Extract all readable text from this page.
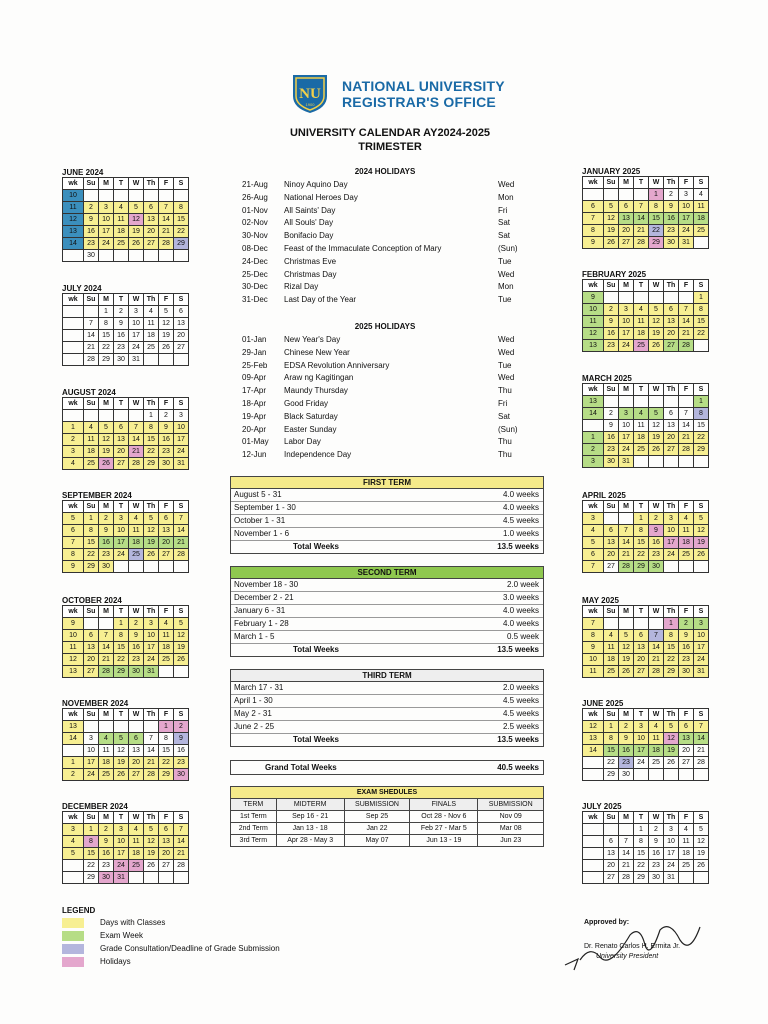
NU
1900
NATIONAL UNIVERSITY
REGISTRAR'S OFFICE
UNIVERSITY CALENDAR AY2024-2025
TRIMESTER
JUNE 2024
wk	Su	M	T	W	Th	F	S
10							
11	2	3	4	5	6	7	8
12	9	10	11	12	13	14	15
13	16	17	18	19	20	21	22
14	23	24	25	26	27	28	29
	30						
JULY 2024
wk	Su	M	T	W	Th	F	S
		1	2	3	4	5	6
	7	8	9	10	11	12	13
	14	15	16	17	18	19	20
	21	22	23	24	25	26	27
	28	29	30	31			
AUGUST 2024
wk	Su	M	T	W	Th	F	S
					1	2	3
1	4	5	6	7	8	9	10
2	11	12	13	14	15	16	17
3	18	19	20	21	22	23	24
4	25	26	27	28	29	30	31
SEPTEMBER 2024
wk	Su	M	T	W	Th	F	S
5	1	2	3	4	5	6	7
6	8	9	10	11	12	13	14
7	15	16	17	18	19	20	21
8	22	23	24	25	26	27	28
9	29	30					
OCTOBER 2024
wk	Su	M	T	W	Th	F	S
9			1	2	3	4	5
10	6	7	8	9	10	11	12
11	13	14	15	16	17	18	19
12	20	21	22	23	24	25	26
13	27	28	29	30	31		
NOVEMBER 2024
wk	Su	M	T	W	Th	F	S
13						1	2
14	3	4	5	6	7	8	9
	10	11	12	13	14	15	16
1	17	18	19	20	21	22	23
2	24	25	26	27	28	29	30
DECEMBER 2024
wk	Su	M	T	W	Th	F	S
3	1	2	3	4	5	6	7
4	8	9	10	11	12	13	14
5	15	16	17	18	19	20	21
	22	23	24	25	26	27	28
	29	30	31				
JANUARY 2025
wk	Su	M	T	W	Th	F	S
				1	2	3	4
6	5	6	7	8	9	10	11
7	12	13	14	15	16	17	18
8	19	20	21	22	23	24	25
9	26	27	28	29	30	31	
FEBRUARY 2025
wk	Su	M	T	W	Th	F	S
9							1
10	2	3	4	5	6	7	8
11	9	10	11	12	13	14	15
12	16	17	18	19	20	21	22
13	23	24	25	26	27	28	
MARCH 2025
wk	Su	M	T	W	Th	F	S
13							1
14	2	3	4	5	6	7	8
	9	10	11	12	13	14	15
1	16	17	18	19	20	21	22
2	23	24	25	26	27	28	29
3	30	31					
APRIL 2025
wk	Su	M	T	W	Th	F	S
3			1	2	3	4	5
4	6	7	8	9	10	11	12
5	13	14	15	16	17	18	19
6	20	21	22	23	24	25	26
7	27	28	29	30			
MAY 2025
wk	Su	M	T	W	Th	F	S
7					1	2	3
8	4	5	6	7	8	9	10
9	11	12	13	14	15	16	17
10	18	19	20	21	22	23	24
11	25	26	27	28	29	30	31
JUNE 2025
wk	Su	M	T	W	Th	F	S
12	1	2	3	4	5	6	7
13	8	9	10	11	12	13	14
14	15	16	17	18	19	20	21
	22	23	24	25	26	27	28
	29	30					
JULY 2025
wk	Su	M	T	W	Th	F	S
			1	2	3	4	5
	6	7	8	9	10	11	12
	13	14	15	16	17	18	19
	20	21	22	23	24	25	26
	27	28	29	30	31		
2024 HOLIDAYS
21-Aug Ninoy Aquino Day	Wed
26-Aug National Heroes Day	Mon
01-Nov All Saints' Day	Fri
02-Nov All Souls' Day	Sat
30-Nov Bonifacio Day	Sat
08-Dec Feast of the Immaculate Conception of Mary	(Sun)
24-Dec Christmas Eve	Tue
25-Dec Christmas Day	Wed
30-Dec Rizal Day	Mon
31-Dec Last Day of the Year	Tue
2025 HOLIDAYS
01-Jan New Year's Day	Wed
29-Jan Chinese New Year	Wed
25-Feb EDSA Revolution Anniversary	Tue
09-Apr Araw ng Kagitingan	Wed
17-Apr Maundy Thursday	Thu
18-Apr Good Friday	Fri
19-Apr Black Saturday	Sat
20-Apr Easter Sunday	(Sun)
01-May Labor Day	Thu
12-Jun Independence Day	Thu
FIRST TERM
August 5 - 31	4.0 weeks
September 1 - 30	4.0 weeks
October 1 - 31	4.5 weeks
November 1 - 6	1.0 weeks
Total Weeks	13.5 weeks
SECOND TERM
November 18 - 30	2.0 week
December 2 - 21	3.0 weeks
January 6 - 31	4.0 weeks
February 1 - 28	4.0 weeks
March 1 - 5	0.5 week
Total Weeks	13.5 weeks
THIRD TERM
March 17 - 31	2.0 weeks
April 1 - 30	4.5 weeks
May 2 - 31	4.5 weeks
June 2 - 25	2.5 weeks
Total Weeks	13.5 weeks
Grand Total Weeks	40.5 weeks
EXAM SHEDULES				
TERM	MIDTERM	SUBMISSION	FINALS	SUBMISSION
1st Term	Sep 16 - 21	Sep 25	Oct 28 - Nov 6	Nov 09
2nd Term	Jan 13 - 18	Jan 22	Feb 27 - Mar 5	Mar 08
3rd Term	Apr 28 - May 3	May 07	Jun 13 - 19	Jun 23
LEGEND
Days with Classes
Exam Week
Grade Consultation/Deadline of Grade Submission
Holidays
Approved by:
Dr. Renato Carlos H. Ermita Jr.
University President
